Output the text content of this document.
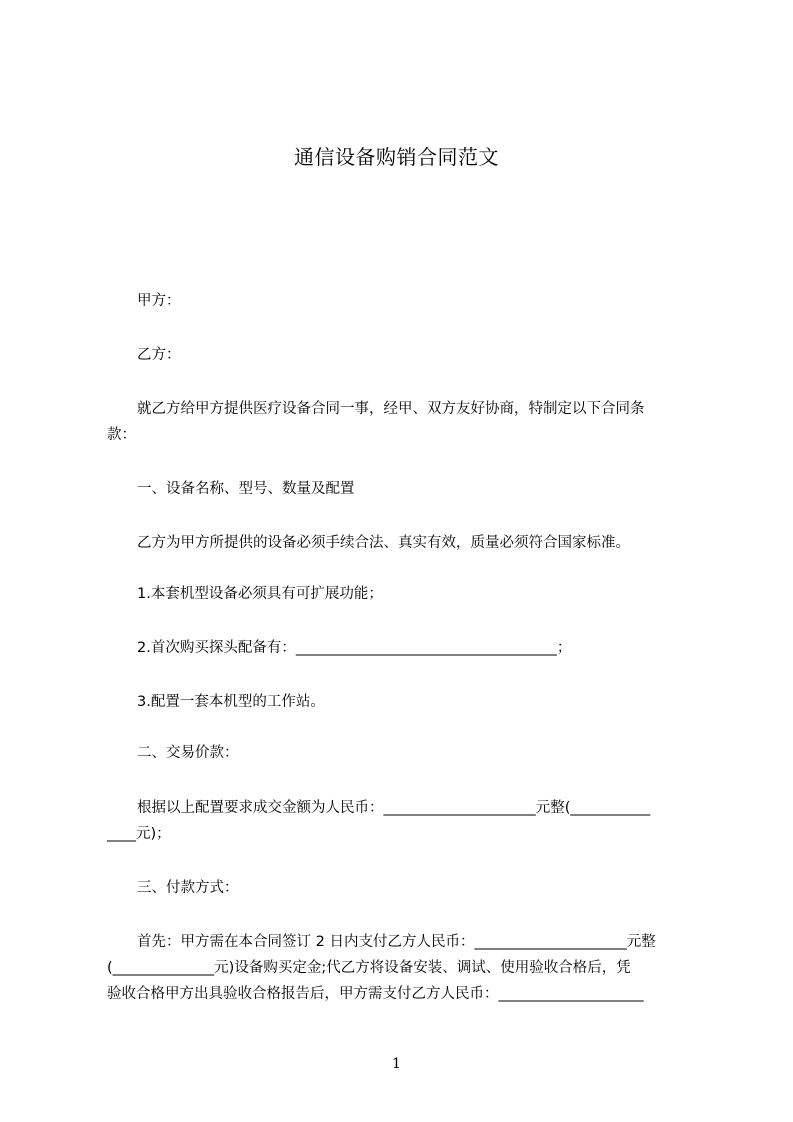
通信设备购销合同范文
甲方：
乙方：
就乙方给甲方提供医疗设备合同一事，经甲、双方友好协商，特制定以下合同条
款：
一、设备名称、型号、数量及配置
乙方为甲方所提供的设备必须手续合法、真实有效，质量必须符合国家标准。
1.本套机型设备必须具有可扩展功能；
2.首次购买探头配备有：____________________________________；
3.配置一套本机型的工作站。
二、交易价款：
根据以上配置要求成交金额为人民币：_____________________元整(___________
____元)；
三、付款方式：
首先：甲方需在本合同签订 2 日内支付乙方人民币：_____________________元整
(______________元)设备购买定金;代乙方将设备安装、调试、使用验收合格后，凭
验收合格甲方出具验收合格报告后，甲方需支付乙方人民币：____________________
1
